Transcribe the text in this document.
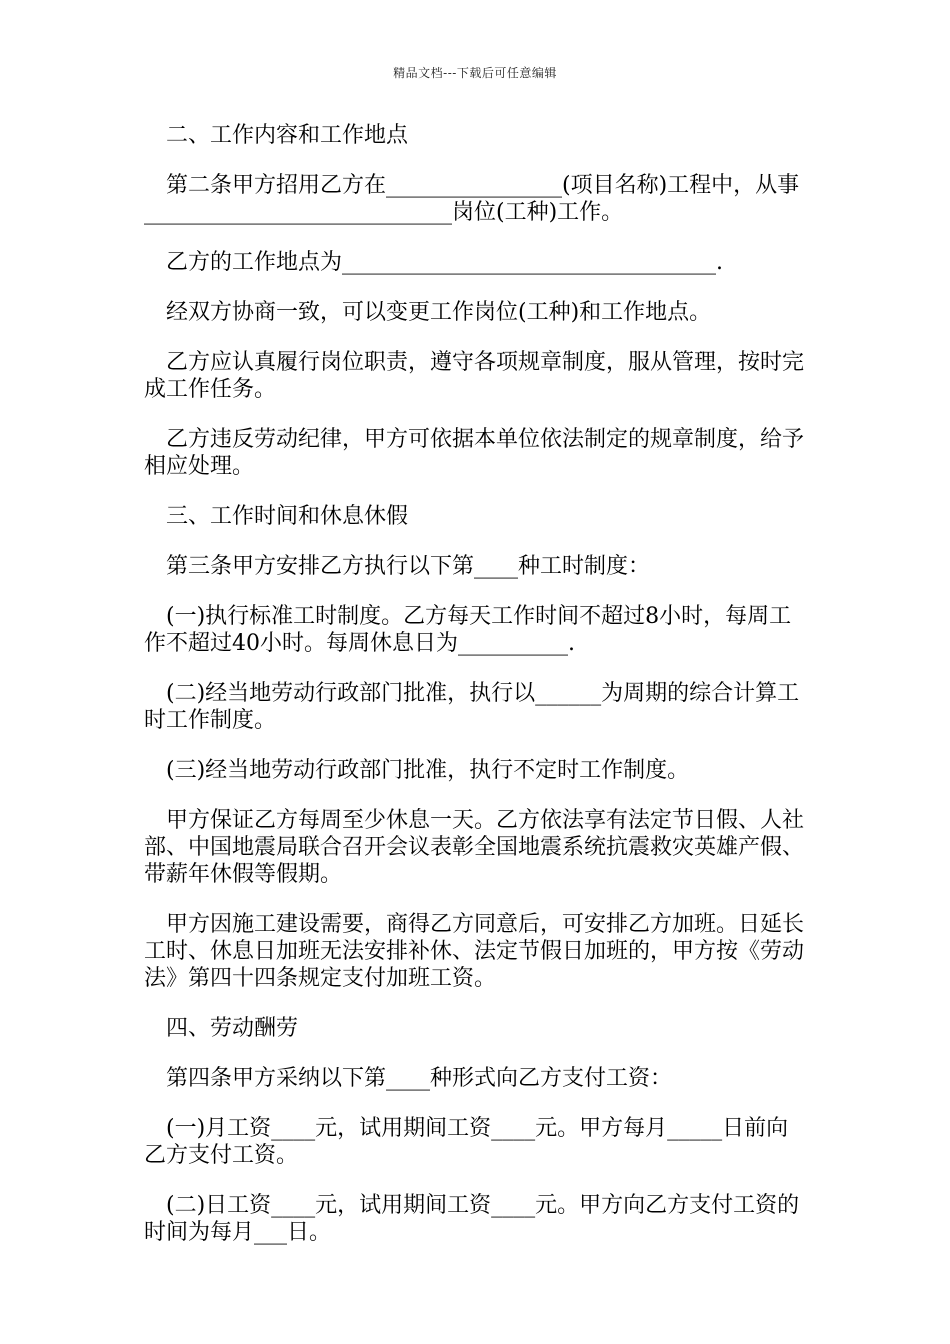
精品文档---下载后可任意编辑

二、工作内容和工作地点

第二条甲方招用乙方在________________(项目名称)工程中，从事____________________________岗位(工种)工作。

乙方的工作地点为__________________________________.

经双方协商一致，可以变更工作岗位(工种)和工作地点。

乙方应认真履行岗位职责，遵守各项规章制度，服从管理，按时完成工作任务。

乙方违反劳动纪律，甲方可依据本单位依法制定的规章制度，给予相应处理。

三、工作时间和休息休假

第三条甲方安排乙方执行以下第____种工时制度：

(一)执行标准工时制度。乙方每天工作时间不超过8小时，每周工作不超过40小时。每周休息日为__________.

(二)经当地劳动行政部门批准，执行以______为周期的综合计算工时工作制度。

(三)经当地劳动行政部门批准，执行不定时工作制度。

甲方保证乙方每周至少休息一天。乙方依法享有法定节日假、人社部、中国地震局联合召开会议表彰全国地震系统抗震救灾英雄产假、带薪年休假等假期。

甲方因施工建设需要，商得乙方同意后，可安排乙方加班。日延长工时、休息日加班无法安排补休、法定节假日加班的，甲方按《劳动法》第四十四条规定支付加班工资。

四、劳动酬劳

第四条甲方采纳以下第____种形式向乙方支付工资：

(一)月工资____元，试用期间工资____元。甲方每月_____日前向乙方支付工资。

(二)日工资____元，试用期间工资____元。甲方向乙方支付工资的时间为每月___日。
